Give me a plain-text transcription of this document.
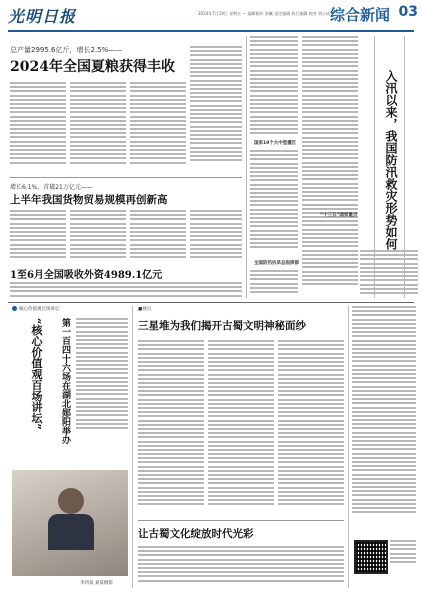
光明日报	2024年7月19日 星期五 — 编辑制作 张曦 责任编辑 执行编辑 校对 胡小成 综合新闻 03
总产量2995.6亿斤，增长2.5%——
2024年全国夏粮获得丰收
国家19个大中型灌区
全国防汛抗旱总指挥部
“十三五”国家重点 入汛以来，我国防汛救灾形势如何
增长6.1%，首破21万亿元——
上半年我国货物贸易规模再创新高
1至6月全国吸收外资4989.1亿元
核心价值观百场讲坛
第一百四十六场在湖北郧阳举办
“核心价值观百场讲坛”
李四某 刘某摄影
■视点
三星堆为我们揭开古蜀文明神秘面纱
让古蜀文化绽放时代光彩
